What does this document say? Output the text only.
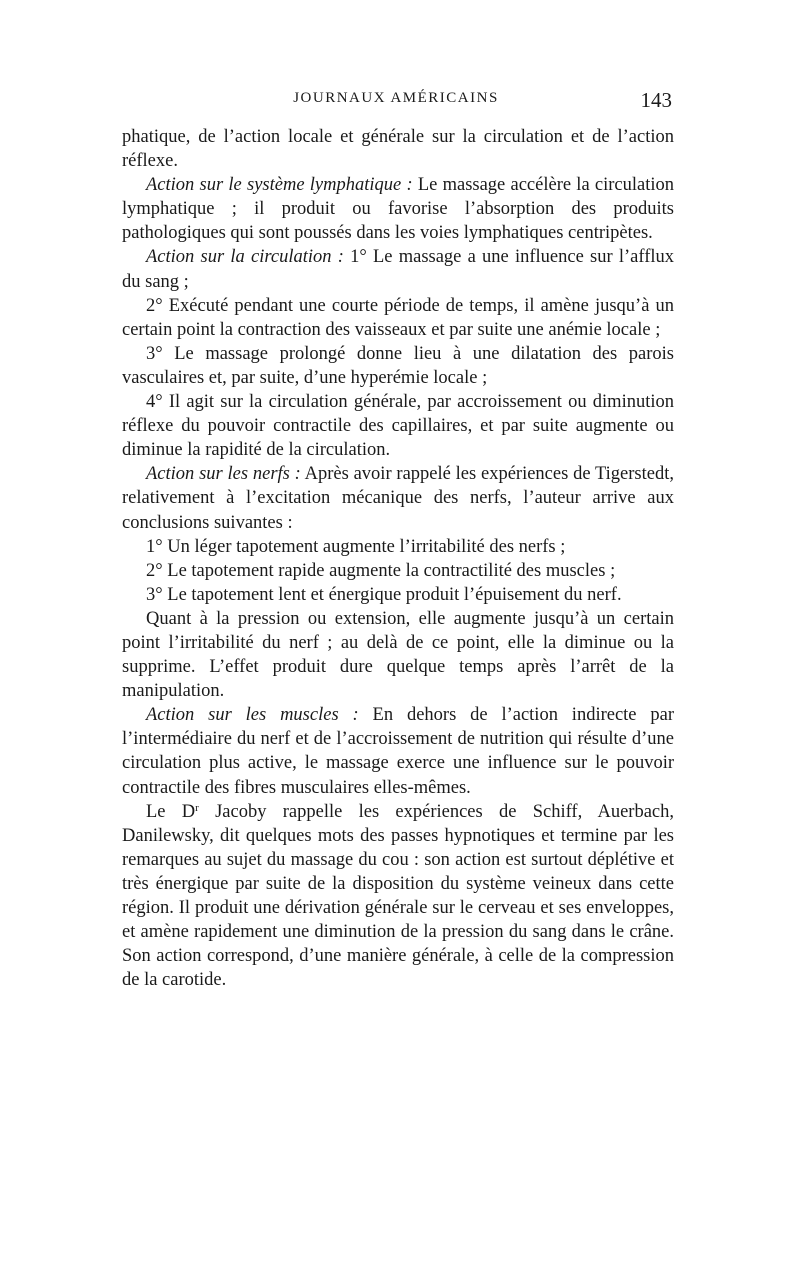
JOURNAUX AMÉRICAINS	143

phatique, de l’action locale et générale sur la circulation et de l’action réflexe.

Action sur le système lymphatique : Le massage accélère la circulation lymphatique ; il produit ou favorise l’absorption des produits pathologiques qui sont poussés dans les voies lymphatiques centripètes.

Action sur la circulation : 1° Le massage a une influence sur l’afflux du sang ;

2° Exécuté pendant une courte période de temps, il amène jusqu’à un certain point la contraction des vaisseaux et par suite une anémie locale ;

3° Le massage prolongé donne lieu à une dilatation des parois vasculaires et, par suite, d’une hyperémie locale ;

4° Il agit sur la circulation générale, par accroissement ou diminution réflexe du pouvoir contractile des capillaires, et par suite augmente ou diminue la rapidité de la circulation.

Action sur les nerfs : Après avoir rappelé les expériences de Tigerstedt, relativement à l’excitation mécanique des nerfs, l’auteur arrive aux conclusions suivantes :

1° Un léger tapotement augmente l’irritabilité des nerfs ;

2° Le tapotement rapide augmente la contractilité des muscles ;

3° Le tapotement lent et énergique produit l’épuisement du nerf.

Quant à la pression ou extension, elle augmente jusqu’à un certain point l’irritabilité du nerf ; au delà de ce point, elle la diminue ou la supprime. L’effet produit dure quelque temps après l’arrêt de la manipulation.

Action sur les muscles : En dehors de l’action indirecte par l’intermédiaire du nerf et de l’accroissement de nutrition qui résulte d’une circulation plus active, le massage exerce une influence sur le pouvoir contractile des fibres musculaires elles-mêmes.

Le $D^r$ Jacoby rappelle les expériences de Schiff, Auerbach, Danilewsky, dit quelques mots des passes hypnotiques et termine par les remarques au sujet du massage du cou : son action est surtout déplétive et très énergique par suite de la disposition du système veineux dans cette région. Il produit une dérivation générale sur le cerveau et ses enveloppes, et amène rapidement une diminution de la pression du sang dans le crâne. Son action correspond, d’une manière générale, à celle de la compression de la carotide.
